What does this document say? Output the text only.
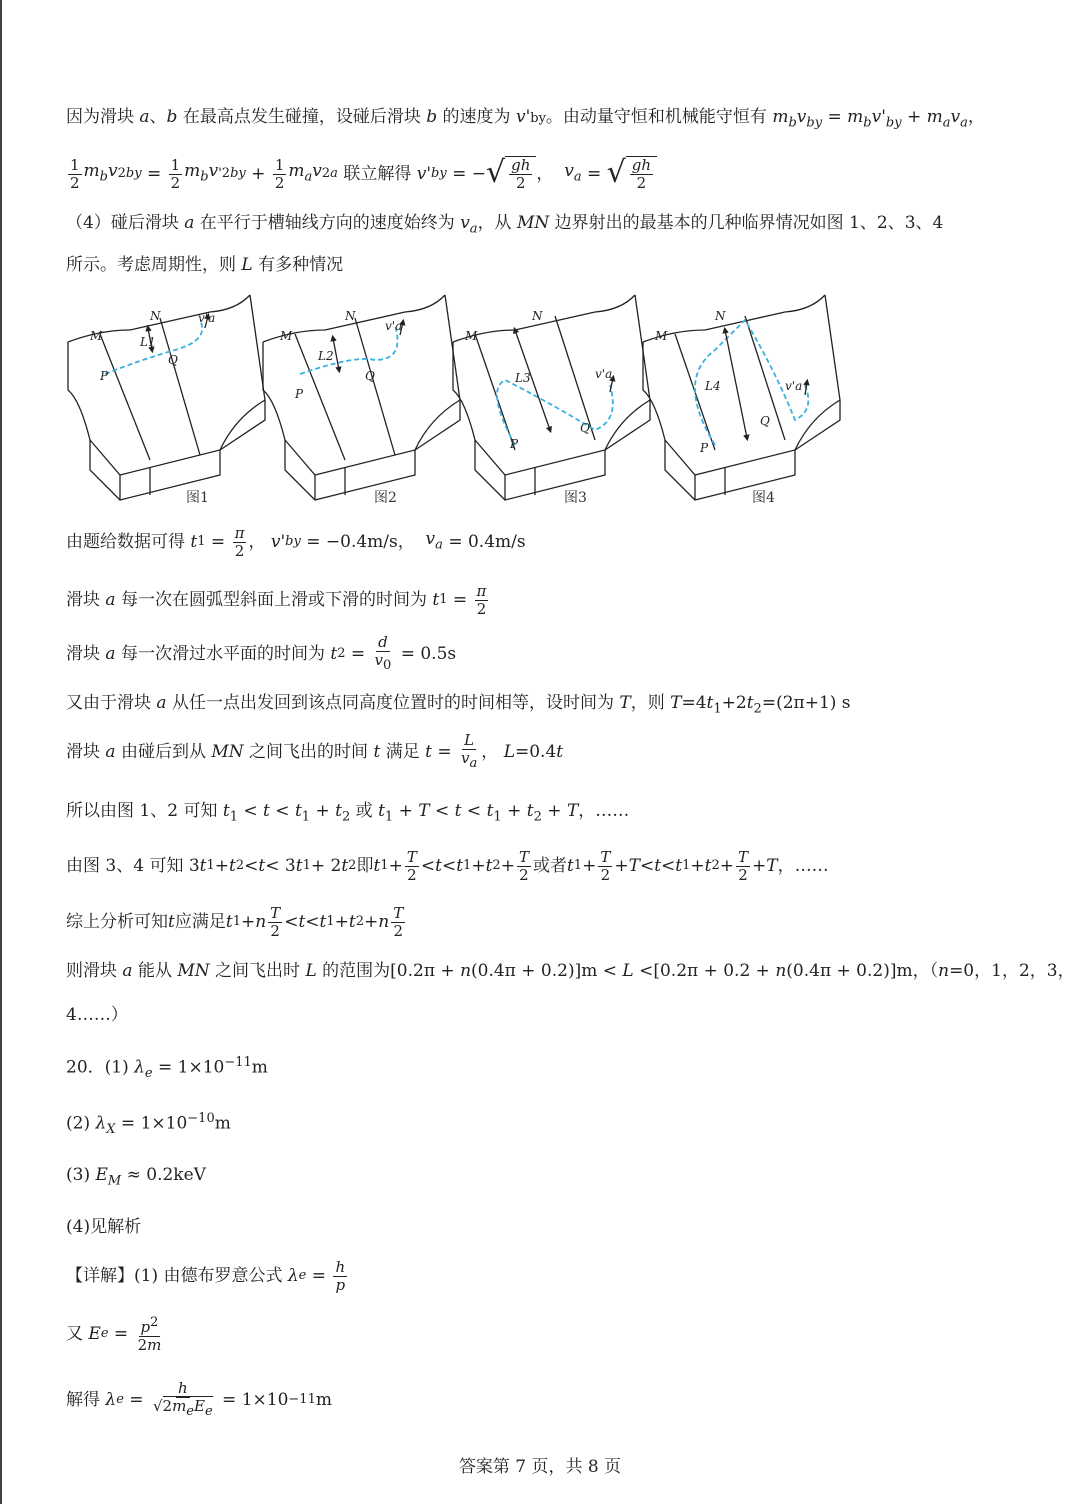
因为滑块 a、b 在最高点发生碰撞，设碰后滑块 b 的速度为 v'by。由动量守恒和机械能守恒有 $m_bv_{by} = m_bv'_{by} + m_av_a$，
$\frac{1}{2} m_bv$ 2 by = $\frac{1}{2} m_bv$ '2 by + $\frac{1}{2} m_av$ 2 a 联立解得 v ' by = − √ $\frac{gh}{2}$ ， $v_a$ = √ $\frac{gh}{2}$
（4）碰后滑块 a 在平行于槽轴线方向的速度始终为 $v_a$，从 MN 边界射出的最基本的几种临界情况如图 1、2、3、4
所示。考虑周期性，则 L 有多种情况
M
N
L1
P
Q
v'a
M
N
L2
P
Q
v'a
M
N
L3
P
Q
v'a
M
N
L4
P
Q
v'a
图1	图2	图3	图4
由题给数据可得 t $1 = \frac{\pi}{2}$ ， v ' by = −0.4m/s， $v_a = 0.4m/s$
滑块 a 每一次在圆弧型斜面上滑或下滑的时间为 t $1 = \frac{\pi}{2}$
滑块 a 每一次滑过水平面的时间为 t $2 = \frac{d}{v_0} = 0.5s$
又由于滑块 a 从任一点出发回到该点同高度位置时的时间相等，设时间为 T，则 $T=4t_1+2t_2=(2\pi+1)$ s
滑块 a 由碰后到从 MN 之间飞出的时间 t 满足 $t = \frac{L}{v_a}$ ， L =0.4 t
所以由图 1、2 可知 $t_1 < t < t_1 + t_2$ 或 $t_1 + T < t < t_1 + t_2 + T$，……
由图 3、4 可知 3 t 1 + t 2 < t < 3 t 1 + 2 t 2 即 t $1 + \frac{T}{2} < t < t$ 1 + t $2 + \frac{T}{2}$ 或者 t $1 + \frac{T}{2} + T < t < t$ 1 + t $2 + \frac{T}{2} + T$ ，……
综上分析可知 t 应满足 t 1 + n $\frac{T}{2} < t < t$ 1 + t 2 + n $\frac{T}{2}$
则滑块 a 能从 MN 之间飞出时 L 的范围为[0.2π + n(0.4π + 0.2)]m < L <[0.2π + 0.2 + n(0.4π + 0.2)]m，（n=0，1，2，3，
4……）
20．(1) $\lambda_e = 1\times 10^{-11}m$
(2) $\lambda_X = 1\times 10^{-10}m$
(3) $E_M \approx 0.2keV$
(4)见解析
【详解】(1) 由德布罗意公式 λ $e = \frac{h}{p}$
又 E $e = \frac{p^2}{2m}$
解得 λ $e = \frac{h}{√2m_eE_e} = 1\times 10 -11$ m
答案第 7 页，共 8 页
